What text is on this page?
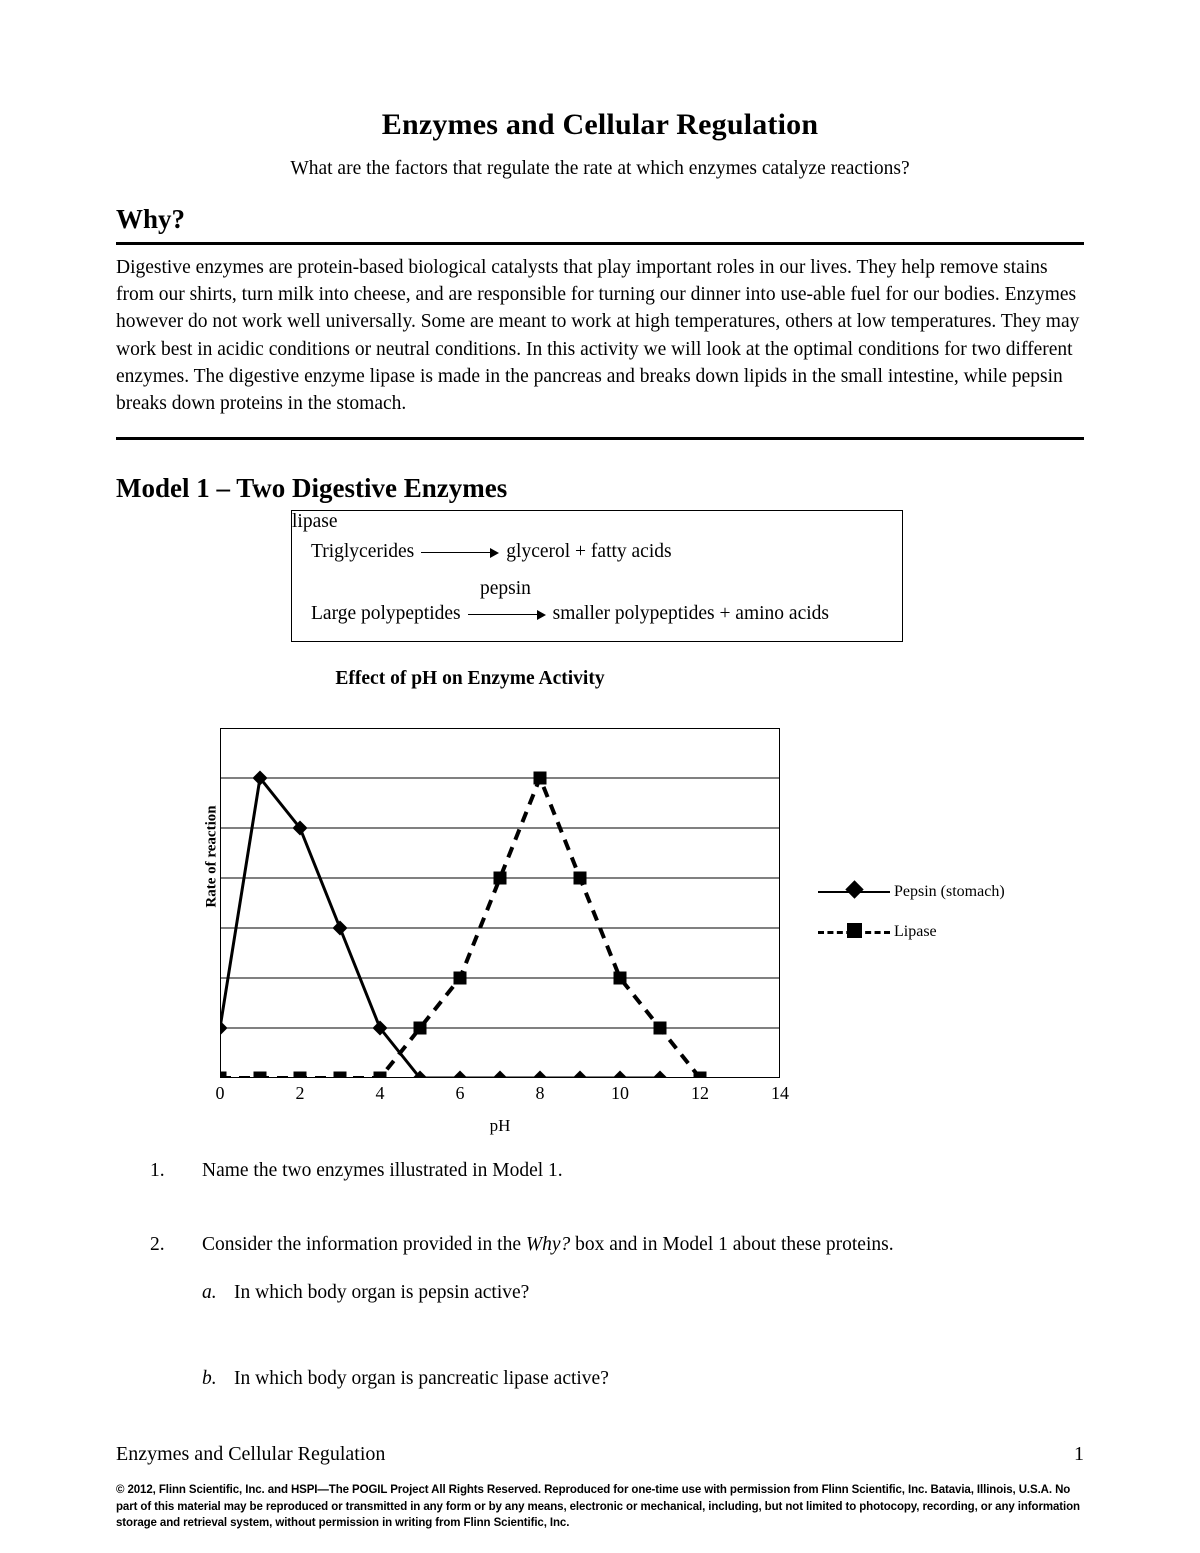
Enzymes and Cellular Regulation
What are the factors that regulate the rate at which enzymes catalyze reactions?
Why?
Digestive enzymes are protein-based biological catalysts that play important roles in our lives. They help remove stains from our shirts, turn milk into cheese, and are responsible for turning our dinner into use-able fuel for our bodies. Enzymes however do not work well universally. Some are meant to work at high temperatures, others at low temperatures. They may work best in acidic conditions or neutral conditions. In this activity we will look at the optimal conditions for two different enzymes. The digestive enzyme lipase is made in the pancreas and breaks down lipids in the small intestine, while pepsin breaks down proteins in the stomach.
Model 1 – Two Digestive Enzymes
lipase
Triglycerides	glycerol + fatty acids
pepsin
Large polypeptides	smaller polypeptides + amino acids
Effect of pH on Enzyme Activity
Rate of reaction
0	2	4	6	8	10	12	14
pH
Pepsin (stomach)
Lipase
1.	Name the two enzymes illustrated in Model 1.
2.	Consider the information provided in the Why? box and in Model 1 about these proteins.
a. In which body organ is pepsin active?
b. In which body organ is pancreatic lipase active?
Enzymes and Cellular Regulation	1
© 2012, Flinn Scientific, Inc. and HSPI—The POGIL Project All Rights Reserved. Reproduced for one-time use with permission from Flinn Scientific, Inc. Batavia, Illinois, U.S.A. No part of this material may be reproduced or transmitted in any form or by any means, electronic or mechanical, including, but not limited to photocopy, recording, or any information storage and retrieval system, without permission in writing from Flinn Scientific, Inc.
